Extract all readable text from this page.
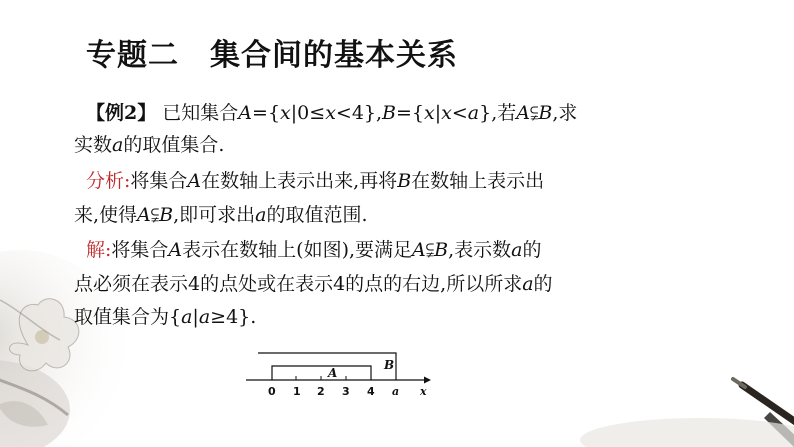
专题二　集合间的基本关系
【例2】 已知集合A={x|0≤x<4},B={x|x<a},若A⫋B,求
实数a的取值集合.
分析:将集合A在数轴上表示出来,再将B在数轴上表示出
来,使得A⫋B,即可求出a的取值范围.
解:将集合A表示在数轴上(如图),要满足A⫋B,表示数a的
点必须在表示4的点处或在表示4的点的右边,所以所求a的
取值集合为{a|a≥4}.
B
A
0 1 2 3 4 a x
